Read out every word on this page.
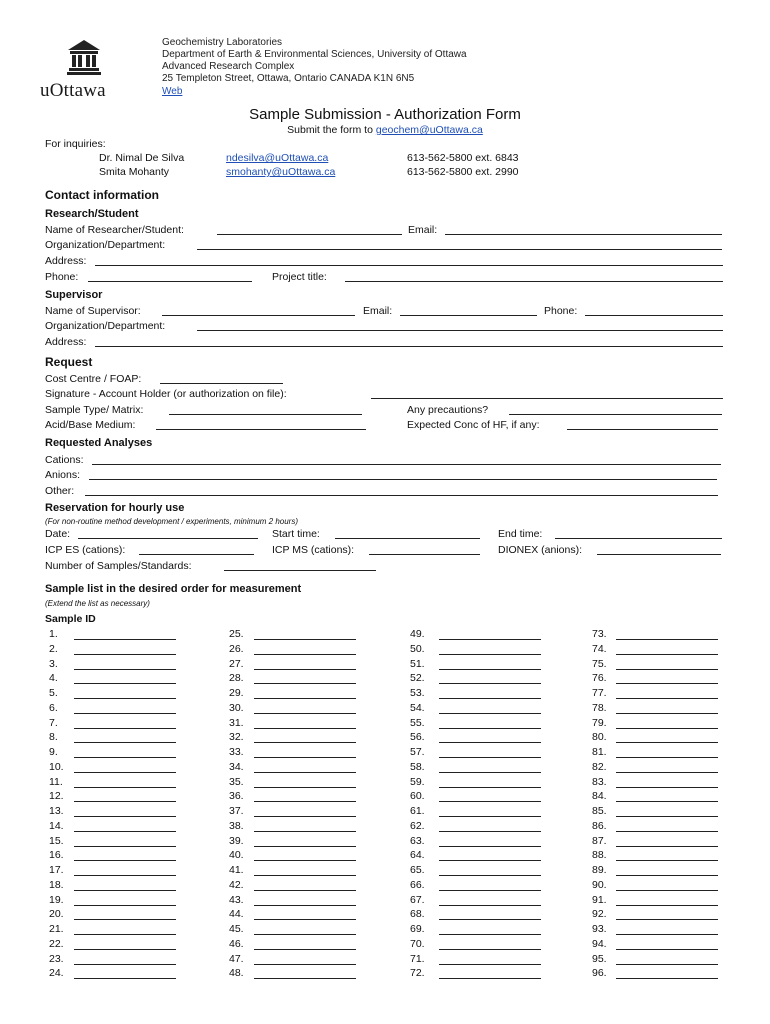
uOttawa
Geochemistry Laboratories
Department of Earth & Environmental Sciences, University of Ottawa
Advanced Research Complex
25 Templeton Street, Ottawa, Ontario CANADA K1N 6N5
Web
Sample Submission - Authorization Form
Submit the form to geochem@uOttawa.ca
For inquiries:
Dr. Nimal De Silva	ndesilva@uOttawa.ca	613-562-5800 ext. 6843
Smita Mohanty	smohanty@uOttawa.ca	613-562-5800 ext. 2990
Contact information
Research/Student
Name of Researcher/Student:	Email:
Organization/Department:
Address:
Phone:	Project title:
Supervisor
Name of Supervisor:	Email:	Phone:
Organization/Department:
Address:
Request
Cost Centre / FOAP:
Signature - Account Holder (or authorization on file):
Sample Type/ Matrix:	Any precautions?
Acid/Base Medium:	Expected Conc of HF, if any:
Requested Analyses
Cations:
Anions:
Other:
Reservation for hourly use
(For non-routine method development / experiments, minimum 2 hours)
Date:	Start time:	End time:
ICP ES (cations):	ICP MS (cations):	DIONEX (anions):
Number of Samples/Standards:
Sample list in the desired order for measurement
(Extend the list as necessary)
Sample ID
1.
2.
3.
4.
5.
6.
7.
8.
9.
10.
11.
12.
13.
14.
15.
16.
17.
18.
19.
20.
21.
22.
23.
24.
25.
26.
27.
28.
29.
30.
31.
32.
33.
34.
35.
36.
37.
38.
39.
40.
41.
42.
43.
44.
45.
46.
47.
48.
49.
50.
51.
52.
53.
54.
55.
56.
57.
58.
59.
60.
61.
62.
63.
64.
65.
66.
67.
68.
69.
70.
71.
72.
73.
74.
75.
76.
77.
78.
79.
80.
81.
82.
83.
84.
85.
86.
87.
88.
89.
90.
91.
92.
93.
94.
95.
96.
